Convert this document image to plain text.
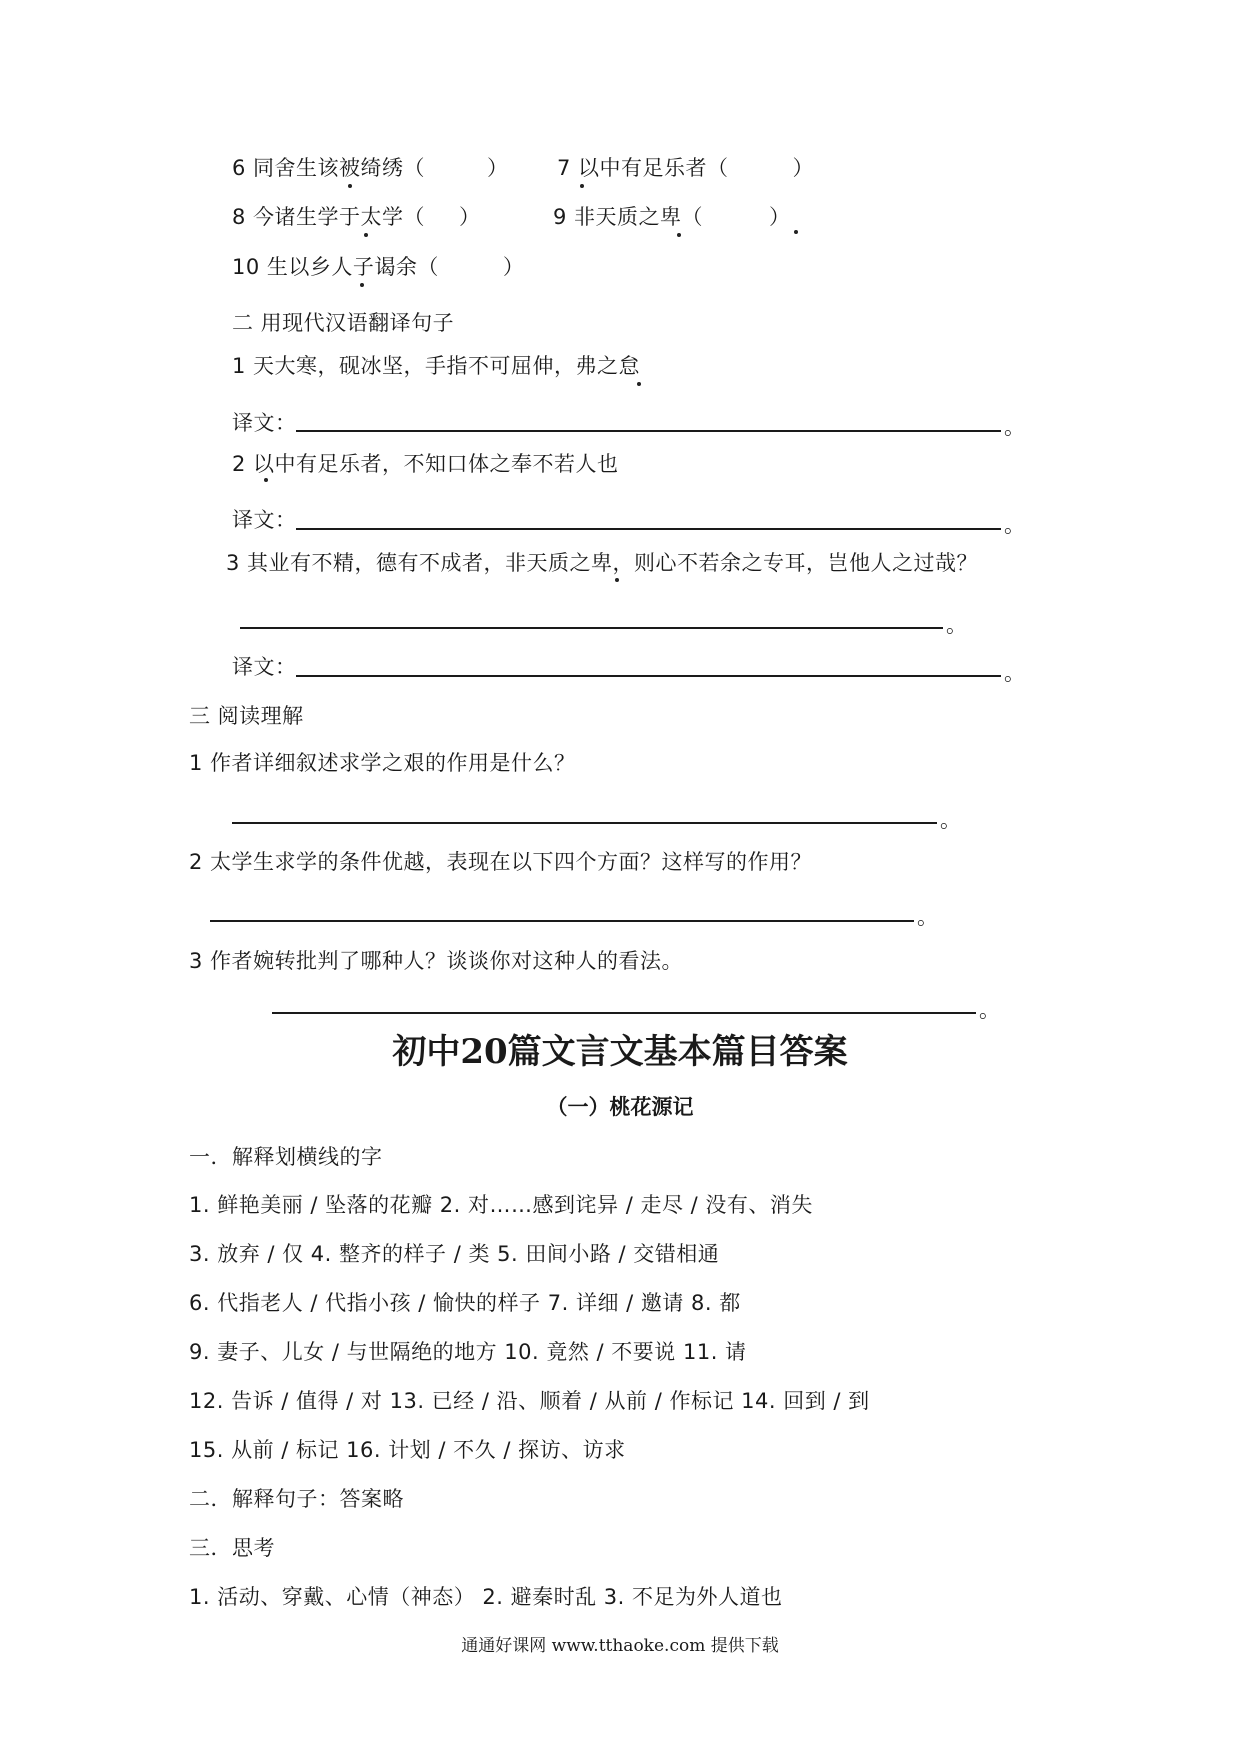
6 同舍生该被绮绣（	） 7 以中有足乐者（	）
8 今诸生学于太学（ ）	9 非天质之卑（	）
10 生以乡人子谒余（	）
二 用现代汉语翻译句子
1 天大寒，砚冰坚，手指不可屈伸，弗之怠
译文：	。
2 以中有足乐者，不知口体之奉不若人也
译文：	。
3 其业有不精，德有不成者，非天质之卑，则心不若余之专耳，岂他人之过哉？
。
译文：	。
三 阅读理解
1 作者详细叙述求学之艰的作用是什么？
。
2 太学生求学的条件优越，表现在以下四个方面？这样写的作用？
。
3 作者婉转批判了哪种人？谈谈你对这种人的看法。
。
初中20篇文言文基本篇目答案
（一）桃花源记
一．解释划横线的字
1. 鲜艳美丽 / 坠落的花瓣 2. 对……感到诧异 / 走尽 / 没有、消失
3. 放弃 / 仅 4. 整齐的样子 / 类 5. 田间小路 / 交错相通
6. 代指老人 / 代指小孩 / 愉快的样子 7. 详细 / 邀请 8. 都
9. 妻子、儿女 / 与世隔绝的地方 10. 竟然 / 不要说 11. 请
12. 告诉 / 值得 / 对 13. 已经 / 沿、顺着 / 从前 / 作标记 14. 回到 / 到
15. 从前 / 标记 16. 计划 / 不久 / 探访、访求
二．解释句子：答案略
三．思考
1. 活动、穿戴、心情（神态） 2. 避秦时乱 3. 不足为外人道也
通通好课网 www.tthaoke.com 提供下载
